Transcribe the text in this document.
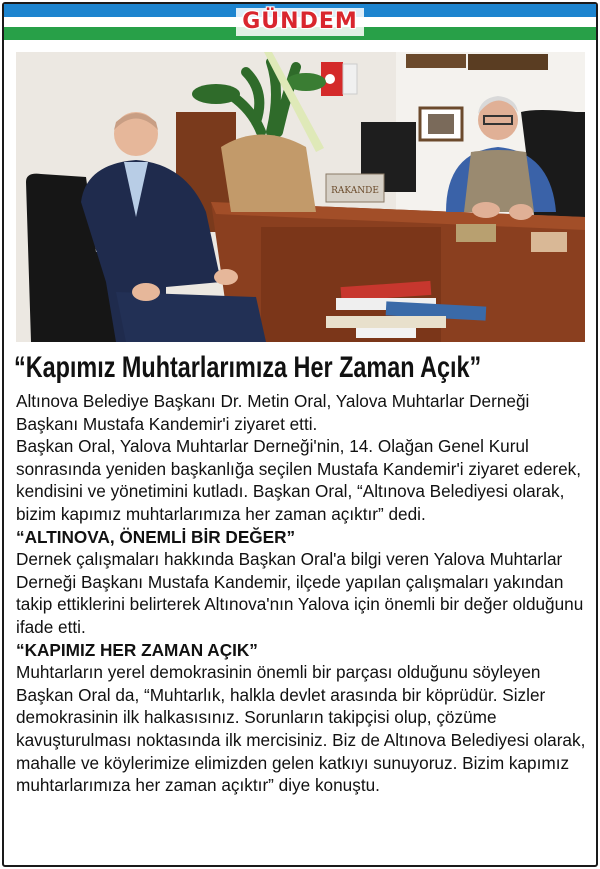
GÜNDEM
RAKANDE
“Kapımız Muhtarlarımıza Her Zaman Açık”

Altınova Belediye Başkanı Dr. Metin Oral, Yalova Muhtarlar Derneği Başkanı Mustafa Kandemir'i ziyaret etti.

Başkan Oral, Yalova Muhtarlar Derneği'nin, 14. Olağan Genel Kurul sonrasında yeniden başkanlığa seçilen Mustafa Kandemir'i ziyaret ederek, kendisini ve yönetimini kutladı. Başkan Oral, “Altınova Belediyesi olarak, bizim kapımız muhtarlarımıza her zaman açıktır” dedi.

“ALTINOVA, ÖNEMLİ BİR DEĞER”

Dernek çalışmaları hakkında Başkan Oral'a bilgi veren Yalova Muhtarlar Derneği Başkanı Mustafa Kandemir, ilçede yapılan çalışmaları yakından takip ettiklerini belirterek Altınova'nın Yalova için önemli bir değer olduğunu ifade etti.

“KAPIMIZ HER ZAMAN AÇIK”

Muhtarların yerel demokrasinin önemli bir parçası olduğunu söyleyen Başkan Oral da, “Muhtarlık, halkla devlet arasında bir köprüdür. Sizler demokrasinin ilk halkasısınız. Sorunların takipçisi olup, çözüme kavuşturulması noktasında ilk mercisiniz. Biz de Altınova Belediyesi olarak, mahalle ve köylerimize elimizden gelen katkıyı sunuyoruz. Bizim kapımız muhtarlarımıza her zaman açıktır” diye konuştu.
